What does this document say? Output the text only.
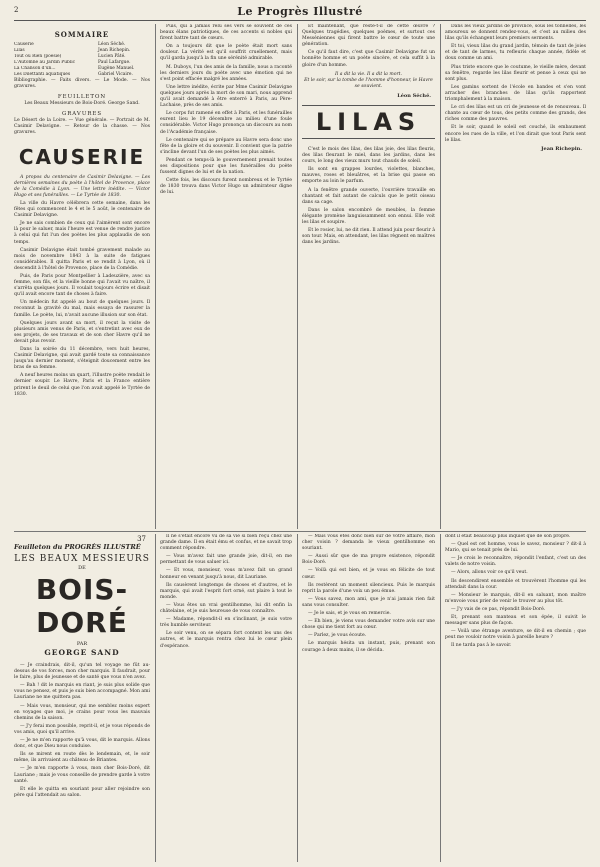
2	Le Progrès Illustré
SOMMAIRE
Causerie	Léon Séché.
Lilas	Jean Richepin.
Tout ou Rien (poésie)	Lucien Pâté.
L'Automne au Jardin Public	Paul Lafargue.
La Chanson d'un...	Eugène Manuel.
Les Dilettanti aquatiques	Gabriel Vicaire.

Bibliographie. — Faits divers. — Le Mode. — Nos gravures.

FEUILLETON

Les Beaux Messieurs de Bois-Doré. George Sand.

GRAVURES

Le Désert de la Loire. — Vue générale. — Portrait de M. Casimir Delavigne. — Retour de la chasse. — Nos gravures.

CAUSERIE

A propos du centenaire de Casimir Delavigne. — Les dernières semaines du poète à l'hôtel de Provence, place de la Comédie à Lyon. — Une lettre inédite. — Victor Hugo et ses funérailles. — Le Tyrtée de 1830.

La ville du Havre célébrera cette semaine, dans les fêtes qui commencent le 4 et le 5 août, le centenaire de Casimir Delavigne.

Je ne sais combien de ceux qui l'aimèrent sont encore là pour le saluer, mais l'heure est venue de rendre justice à celui qui fut l'un des poètes les plus applaudis de son temps.

Casimir Delavigne était tombé gravement malade au mois de novembre 1843 à la suite de fatigues considérables. Il quitta Paris et se rendit à Lyon, où il descendit à l'hôtel de Provence, place de la Comédie.

Puis, de Paris pour Montpellier à Ladeuzière, avec sa femme, son fils, et la vieille bonne qui l'avait vu naître, il s'arrêta quelques jours. Il voulait toujours écrire et disait qu'il avait encore tant de choses à faire.

Un médecin fut appelé au bout de quelques jours. Il reconnut la gravité du mal, mais essaya de rassurer la famille. Le poète, lui, n'avait aucune illusion sur son état.

Quelques jours avant sa mort, il reçut la visite de plusieurs amis venus de Paris, et s'entretint avec eux de ses projets, de ses travaux et de son cher Havre qu'il ne devait plus revoir.

Dans la soirée du 11 décembre, vers huit heures, Casimir Delavigne, qui avait gardé toute sa connaissance jusqu'au dernier moment, s'éteignit doucement entre les bras de sa femme.

A neuf heures moins un quart, l'illustre poète rendait le dernier soupir. Le Havre, Paris et la France entière prirent le deuil de celui que l'on avait appelé le Tyrtée de 1830.

Puis, qui a jamais relu ses vers se souvient de ces beaux élans patriotiques, de ces accents si nobles qui firent battre tant de cœurs.

On a toujours dit que le poète était mort sans douleur. La vérité est qu'il souffrit cruellement, mais qu'il garda jusqu'à la fin une sérénité admirable.

M. Duboys, l'un des amis de la famille, nous a raconté les derniers jours du poète avec une émotion qui ne s'est point effacée malgré les années.

Une lettre inédite, écrite par Mme Casimir Delavigne quelques jours après la mort de son mari, nous apprend qu'il avait demandé à être enterré à Paris, au Père-Lachaise, près de ses amis.

Le corps fut ramené en effet à Paris, et les funérailles eurent lieu le 19 décembre au milieu d'une foule considérable. Victor Hugo prononça un discours au nom de l'Académie française.

Le centenaire qui se prépare au Havre sera donc une fête de la gloire et du souvenir. Il convient que la patrie s'incline devant l'un de ses poètes les plus aimés.

Pendant ce temps-là le gouvernement prenait toutes ses dispositions pour que les funérailles du poète fussent dignes de lui et de la nation.

Cette fois, les discours furent nombreux et le Tyrtée de 1830 trouva dans Victor Hugo un admirateur digne de lui.

Et maintenant, que reste-t-il de cette œuvre ? Quelques tragédies, quelques poèmes, et surtout ces Messéniennes qui firent battre le cœur de toute une génération.

Ce qu'il faut dire, c'est que Casimir Delavigne fut un honnête homme et un poète sincère, et cela suffit à la gloire d'un homme.

Il a dit la vie. Il a dit la mort.
Et le soir, sur la tombe de l'homme d'honneur, le Havre se souvient.
Léon Séché.
LILAS

C'est le mois des lilas, des lilas joie, des lilas fleuris, des lilas fleurant le miel, dans les jardins, dans les cours, le long des vieux murs tout chauds de soleil.

Ils sont en grappes lourdes, violettes, blanches, mauves, roses et bleuâtres, et la brise qui passe en emporte au loin le parfum.

A la fenêtre grande ouverte, l'ouvrière travaille en chantant et fait autant de calculs que le petit oiseau dans sa cage.

Dans le salon encombré de meubles, la femme élégante promène languissamment son ennui. Elle voit les lilas et soupire.

Et le rosier, lui, ne dit rien. Il attend juin pour fleurir à son tour. Mais, en attendant, les lilas règnent en maîtres dans les jardins.

Dans les vieux jardins de province, sous les tonnelles, les amoureux se donnent rendez-vous, et c'est au milieu des lilas qu'ils échangent leurs premiers serments.

Et toi, vieux lilas du grand jardin, témoin de tant de joies et de tant de larmes, tu refleuris chaque année, fidèle et doux comme un ami.

Plus triste encore que le coutume, le vieille mère, devant sa fenêtre, regarde les lilas fleurir et pense à ceux qui ne sont plus.

Les gamins sortent de l'école en bandes et s'en vont arracher des branches de lilas qu'ils rapportent triomphalement à la maison.

Le cri des lilas est un cri de jeunesse et de renouveau. Il chante au cœur de tous, des petits comme des grands, des riches comme des pauvres.

Et le soir, quand le soleil est couché, ils embaument encore les rues de la ville, et l'on dirait que tout Paris sent le lilas.

Jean Richepin.
Feuilleton du PROGRÈS ILLUSTRÉ
37
LES BEAUX MESSIEURS
DE
BOIS-DORÉ
PAR
GEORGE SAND

— Je craindrais, dit-il, qu'un tel voyage ne fût au-dessus de vos forces, mon cher marquis. Il faudrait, pour le faire, plus de jeunesse et de santé que vous n'en avez.

— Bah ! dit le marquis en riant, je suis plus solide que vous ne pensez, et puis je suis bien accompagné. Mon ami Lauriane ne me quittera pas.

— Mais vous, monsieur, qui me semblez moins expert en voyages que moi, je crains pour vous les mauvais chemins de la saison.

— J'y ferai mon possible, reprit-il, et je vous réponds de vos amis, quoi qu'il arrive.

— Je ne m'en rapporte qu'à vous, dit le marquis. Allons donc, et que Dieu nous conduise.

Ils se mirent en route dès le lendemain, et, le soir même, ils arrivaient au château de Briantes.

— Je m'en rapporte à vous, mon cher Bois-Doré, dit Lauriane ; mais je vous conseille de prendre garde à votre santé.

Et elle le quitta en souriant pour aller rejoindre son père qui l'attendait au salon.

Il ne s'était encore vu de sa vie si bien reçu chez une grande dame. Il en était ému et confus, et ne savait trop comment répondre.

— Vous m'avez fait une grande joie, dit-il, en me permettant de vous saluer ici.

— Et vous, monsieur, vous m'avez fait un grand honneur en venant jusqu'à nous, dit Lauriane.

Ils causèrent longtemps de choses et d'autres, et le marquis, qui avait l'esprit fort orné, sut plaire à tout le monde.

— Vous êtes un vrai gentilhomme, lui dit enfin la châtelaine, et je suis heureuse de vous connaître.

— Madame, répondit-il en s'inclinant, je suis votre très humble serviteur.

Le soir venu, on se sépara fort content les uns des autres, et le marquis rentra chez lui le cœur plein d'espérance.

— Mais vous êtes donc bien sûr de votre affaire, mon cher voisin ? demanda le vieux gentilhomme en souriant.

— Aussi sûr que de ma propre existence, répondit Bois-Doré.

— Voilà qui est bien, et je vous en félicite de tout cœur.

Ils restèrent un moment silencieux. Puis le marquis reprit la parole d'une voix un peu émue.

— Vous savez, mon ami, que je n'ai jamais rien fait sans vous consulter.

— Je le sais, et je vous en remercie.

— Eh bien, je viens vous demander votre avis sur une chose qui me tient fort au cœur.

— Parlez, je vous écoute.

Le marquis hésita un instant, puis, prenant son courage à deux mains, il se décida.

dont il était beaucoup plus inquiet que de son propre.

— Quel est cet homme, vous le savez, monsieur ? dit-il à Mario, qui se tenait près de lui.

— Je crois le reconnaître, répondit l'enfant, c'est un des valets de notre voisin.

— Alors, allons voir ce qu'il veut.

Ils descendirent ensemble et trouvèrent l'homme qui les attendait dans la cour.

— Monsieur le marquis, dit-il en saluant, mon maître m'envoie vous prier de venir le trouver au plus tôt.

— J'y vais de ce pas, répondit Bois-Doré.

Et, prenant son manteau et son épée, il suivit le messager sans plus de façon.

— Voilà une étrange aventure, se dit-il en chemin ; que peut me vouloir notre voisin à pareille heure ?

Il ne tarda pas à le savoir.
